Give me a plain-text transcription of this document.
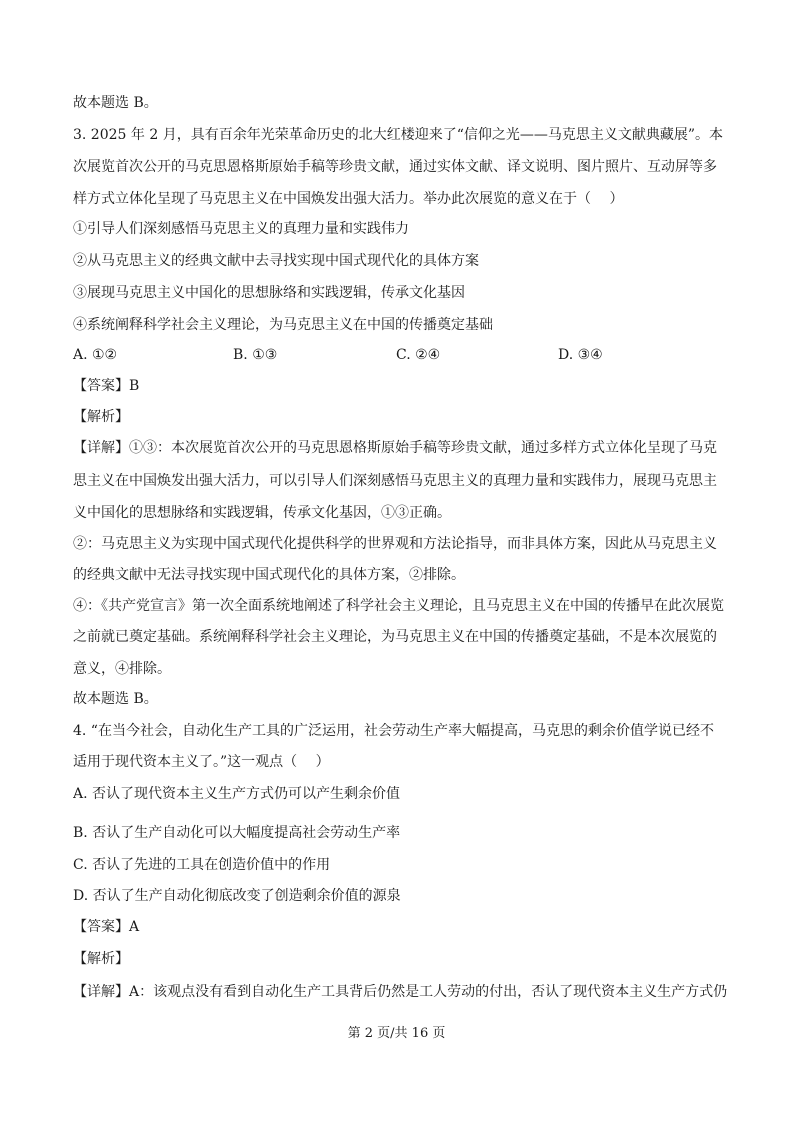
故本题选 B。
3. 2025 年 2 月，具有百余年光荣革命历史的北大红楼迎来了“信仰之光——马克思主义文献典藏展”。本
次展览首次公开的马克思恩格斯原始手稿等珍贵文献，通过实体文献、译文说明、图片照片、互动屏等多
样方式立体化呈现了马克思主义在中国焕发出强大活力。举办此次展览的意义在于（　 ）
①引导人们深刻感悟马克思主义的真理力量和实践伟力
②从马克思主义的经典文献中去寻找实现中国式现代化的具体方案
③展现马克思主义中国化的思想脉络和实践逻辑，传承文化基因
④系统阐释科学社会主义理论，为马克思主义在中国的传播奠定基础
A. ①②	B. ①③	C. ②④	D. ③④
【答案】B
【解析】
【详解】①③：本次展览首次公开的马克思恩格斯原始手稿等珍贵文献，通过多样方式立体化呈现了马克
思主义在中国焕发出强大活力，可以引导人们深刻感悟马克思主义的真理力量和实践伟力，展现马克思主
义中国化的思想脉络和实践逻辑，传承文化基因，①③正确。
②：马克思主义为实现中国式现代化提供科学的世界观和方法论指导，而非具体方案，因此从马克思主义
的经典文献中无法寻找实现中国式现代化的具体方案，②排除。
④：《共产党宣言》第一次全面系统地阐述了科学社会主义理论，且马克思主义在中国的传播早在此次展览
之前就已奠定基础。系统阐释科学社会主义理论，为马克思主义在中国的传播奠定基础，不是本次展览的
意义，④排除。
故本题选 B。
4. “在当今社会，自动化生产工具的广泛运用，社会劳动生产率大幅提高，马克思的剩余价值学说已经不
适用于现代资本主义了。”这一观点（　 ）
A. 否认了现代资本主义生产方式仍可以产生剩余价值
B. 否认了生产自动化可以大幅度提高社会劳动生产率
C. 否认了先进的工具在创造价值中的作用
D. 否认了生产自动化彻底改变了创造剩余价值的源泉
【答案】A
【解析】
【详解】A：该观点没有看到自动化生产工具背后仍然是工人劳动的付出，否认了现代资本主义生产方式仍
第 2 页/共 16 页
